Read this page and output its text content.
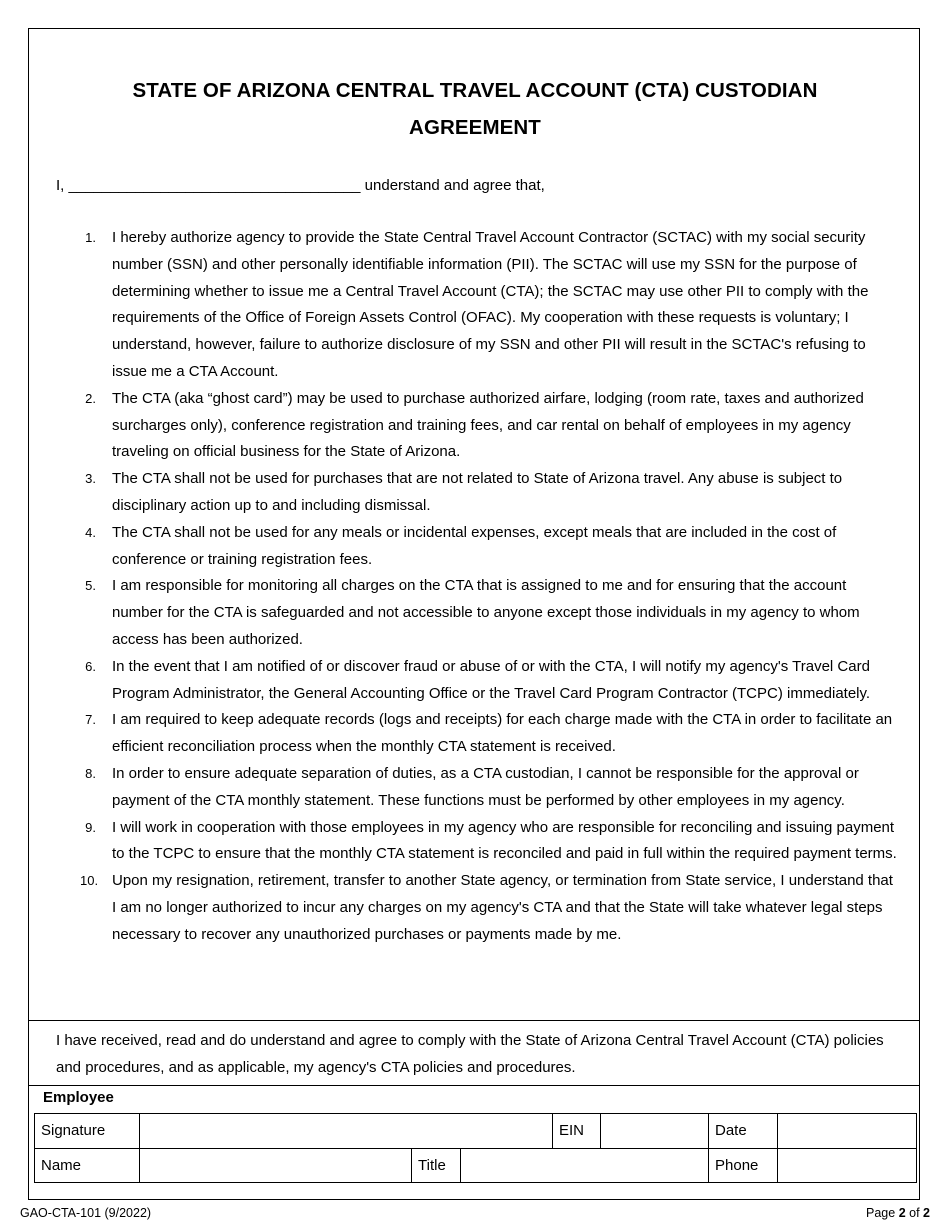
STATE OF ARIZONA CENTRAL TRAVEL ACCOUNT (CTA) CUSTODIAN
AGREEMENT
I, ___________________________________ understand and agree that,
1. I hereby authorize agency to provide the State Central Travel Account Contractor (SCTAC) with my social security number (SSN) and other personally identifiable information (PII). The SCTAC will use my SSN for the purpose of determining whether to issue me a Central Travel Account (CTA); the SCTAC may use other PII to comply with the requirements of the Office of Foreign Assets Control (OFAC). My cooperation with these requests is voluntary; I understand, however, failure to authorize disclosure of my SSN and other PII will result in the SCTAC's refusing to issue me a CTA Account.
2. The CTA (aka “ghost card”) may be used to purchase authorized airfare, lodging (room rate, taxes and authorized surcharges only), conference registration and training fees, and car rental on behalf of employees in my agency traveling on official business for the State of Arizona.
3. The CTA shall not be used for purchases that are not related to State of Arizona travel. Any abuse is subject to disciplinary action up to and including dismissal.
4. The CTA shall not be used for any meals or incidental expenses, except meals that are included in the cost of conference or training registration fees.
5. I am responsible for monitoring all charges on the CTA that is assigned to me and for ensuring that the account number for the CTA is safeguarded and not accessible to anyone except those individuals in my agency to whom access has been authorized.
6. In the event that I am notified of or discover fraud or abuse of or with the CTA, I will notify my agency's Travel Card Program Administrator, the General Accounting Office or the Travel Card Program Contractor (TCPC) immediately.
7. I am required to keep adequate records (logs and receipts) for each charge made with the CTA in order to facilitate an efficient reconciliation process when the monthly CTA statement is received.
8. In order to ensure adequate separation of duties, as a CTA custodian, I cannot be responsible for the approval or payment of the CTA monthly statement. These functions must be performed by other employees in my agency.
9. I will work in cooperation with those employees in my agency who are responsible for reconciling and issuing payment to the TCPC to ensure that the monthly CTA statement is reconciled and paid in full within the required payment terms.
10. Upon my resignation, retirement, transfer to another State agency, or termination from State service, I understand that I am no longer authorized to incur any charges on my agency's CTA and that the State will take whatever legal steps necessary to recover any unauthorized purchases or payments made by me.
I have received, read and do understand and agree to comply with the State of Arizona Central Travel Account (CTA) policies and procedures, and as applicable, my agency's CTA policies and procedures.
Employee
Signature			EIN		Date	
Name		Title			Phone	
GAO-CTA-101 (9/2022)	Page 2 of 2
